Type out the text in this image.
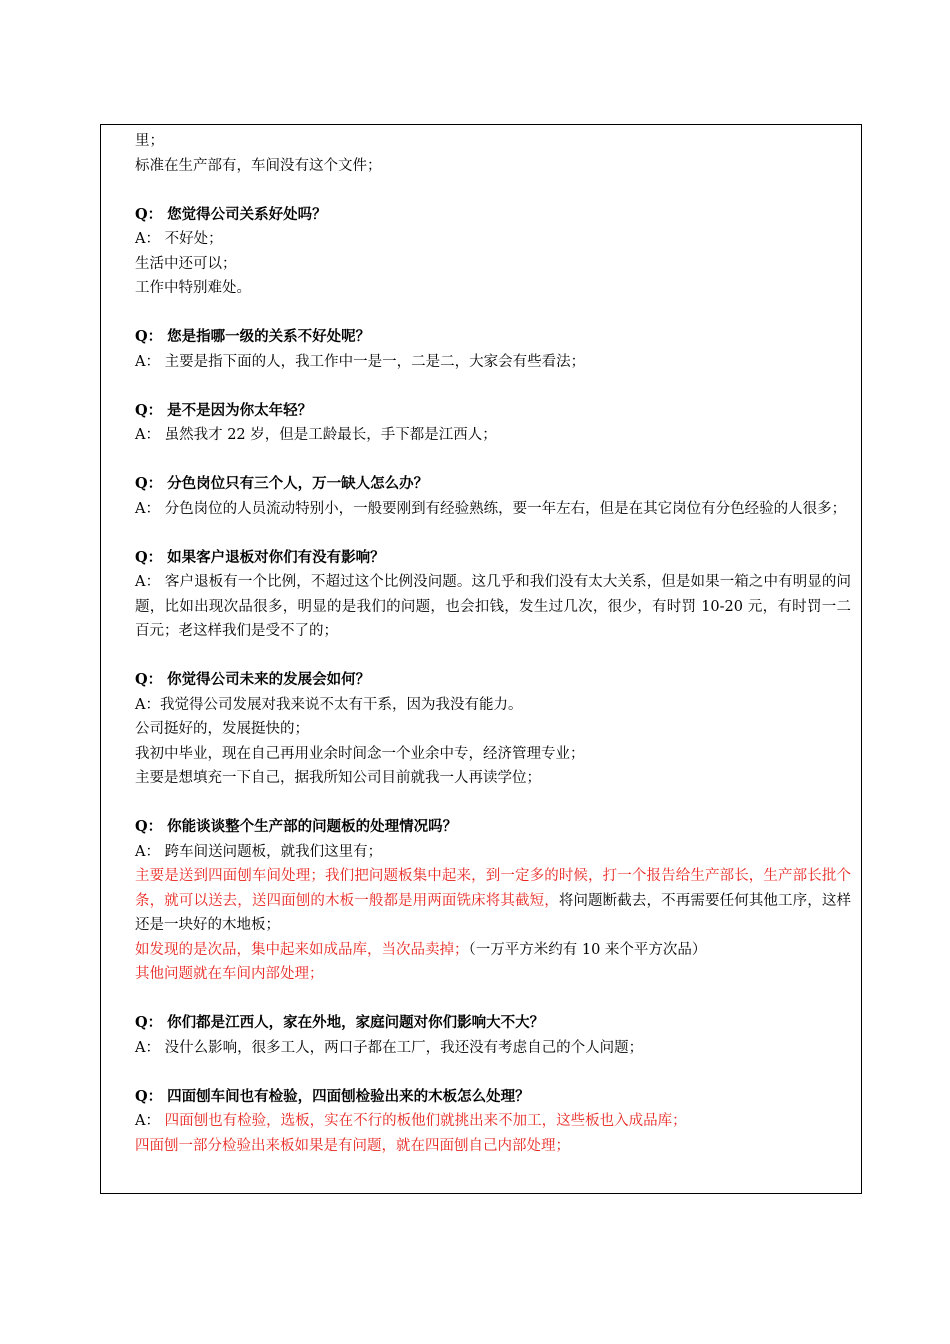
里；
标准在生产部有，车间没有这个文件；
Q： 您觉得公司关系好处吗？
A： 不好处；
生活中还可以；
工作中特别难处。
Q： 您是指哪一级的关系不好处呢？
A： 主要是指下面的人，我工作中一是一，二是二，大家会有些看法；
Q： 是不是因为你太年轻？
A： 虽然我才 22 岁，但是工龄最长，手下都是江西人；
Q： 分色岗位只有三个人，万一缺人怎么办？
A： 分色岗位的人员流动特别小，一般要刚到有经验熟练，要一年左右，但是在其它岗位有分色经验的人很多；
Q： 如果客户退板对你们有没有影响？
A： 客户退板有一个比例，不超过这个比例没问题。这几乎和我们没有太大关系，但是如果一箱之中有明显的问题，比如出现次品很多，明显的是我们的问题，也会扣钱，发生过几次，很少，有时罚 10-20 元，有时罚一二百元；老这样我们是受不了的；
Q： 你觉得公司未来的发展会如何？
A：我觉得公司发展对我来说不太有干系，因为我没有能力。
公司挺好的，发展挺快的；
我初中毕业，现在自己再用业余时间念一个业余中专，经济管理专业；
主要是想填充一下自己，据我所知公司目前就我一人再读学位；
Q： 你能谈谈整个生产部的问题板的处理情况吗？
A： 跨车间送问题板，就我们这里有；
主要是送到四面刨车间处理；我们把问题板集中起来，到一定多的时候，打一个报告给生产部长，生产部长批个条，就可以送去，送四面刨的木板一般都是用两面铣床将其截短，将问题断截去，不再需要任何其他工序，这样还是一块好的木地板；
如发现的是次品，集中起来如成品库，当次品卖掉；（一万平方米约有 10 来个平方次品）
其他问题就在车间内部处理；
Q： 你们都是江西人，家在外地，家庭问题对你们影响大不大？
A： 没什么影响，很多工人，两口子都在工厂，我还没有考虑自己的个人问题；
Q： 四面刨车间也有检验，四面刨检验出来的木板怎么处理？
A： 四面刨也有检验，选板，实在不行的板他们就挑出来不加工，这些板也入成品库；
四面刨一部分检验出来板如果是有问题，就在四面刨自己内部处理；
